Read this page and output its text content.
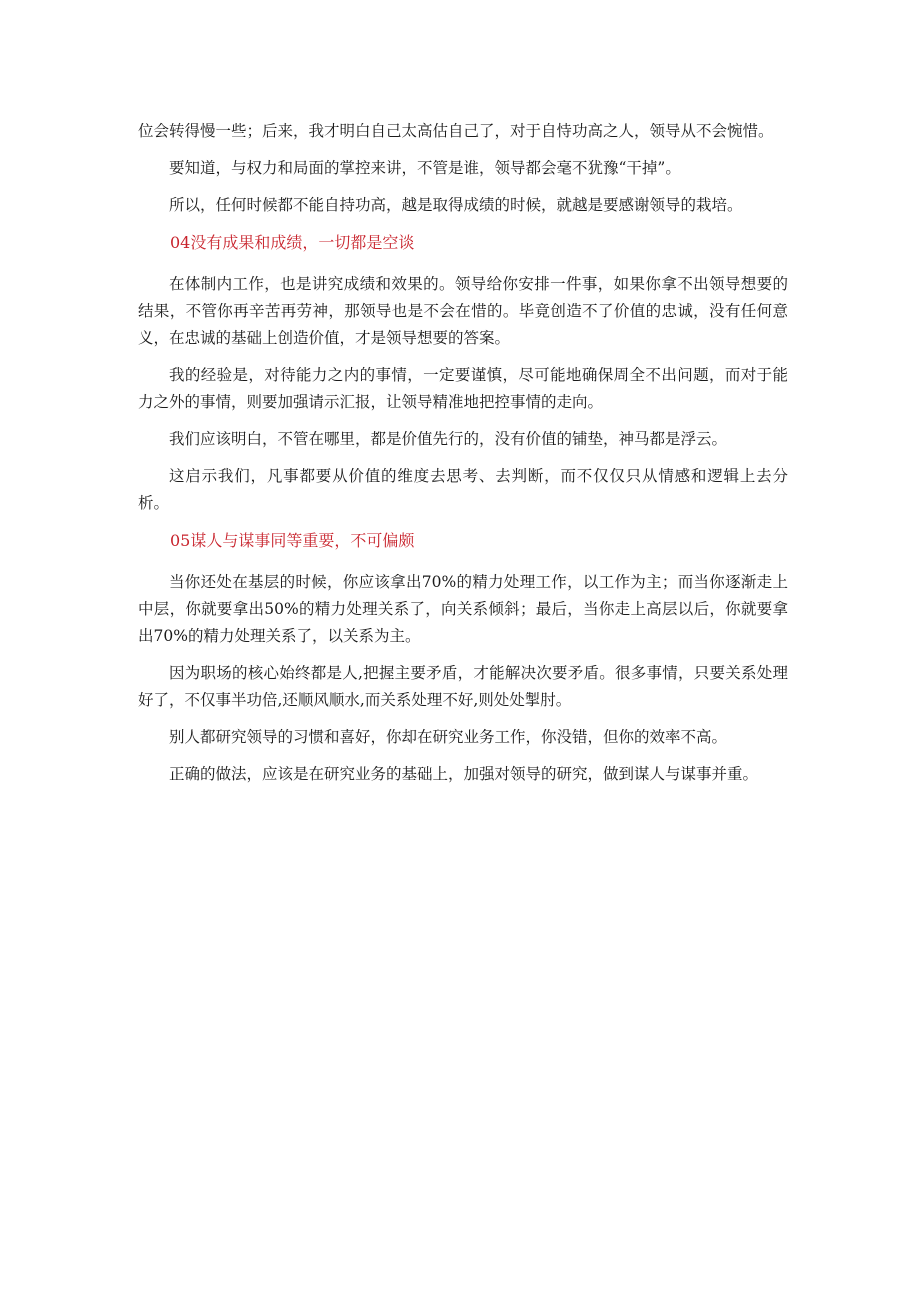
位会转得慢一些；后来，我才明白自己太高估自己了，对于自恃功高之人，领导从不会惋惜。

要知道，与权力和局面的掌控来讲，不管是谁，领导都会毫不犹豫“干掉”。

所以，任何时候都不能自持功高，越是取得成绩的时候，就越是要感谢领导的栽培。

04没有成果和成绩，一切都是空谈

在体制内工作，也是讲究成绩和效果的。领导给你安排一件事，如果你拿不出领导想要的结果，不管你再辛苦再劳神，那领导也是不会在惜的。毕竟创造不了价值的忠诚，没有任何意义，在忠诚的基础上创造价值，才是领导想要的答案。

我的经验是，对待能力之内的事情，一定要谨慎，尽可能地确保周全不出问题，而对于能力之外的事情，则要加强请示汇报，让领导精准地把控事情的走向。

我们应该明白，不管在哪里，都是价值先行的，没有价值的铺垫，神马都是浮云。

这启示我们，凡事都要从价值的维度去思考、去判断，而不仅仅只从情感和逻辑上去分析。

05谋人与谋事同等重要，不可偏颇

当你还处在基层的时候，你应该拿出70%的精力处理工作，以工作为主；而当你逐渐走上中层，你就要拿出50%的精力处理关系了，向关系倾斜；最后，当你走上高层以后，你就要拿出70%的精力处理关系了，以关系为主。

因为职场的核心始终都是人,把握主要矛盾，才能解决次要矛盾。很多事情，只要关系处理好了，不仅事半功倍,还顺风顺水,而关系处理不好,则处处掣肘。

别人都研究领导的习惯和喜好，你却在研究业务工作，你没错，但你的效率不高。

正确的做法，应该是在研究业务的基础上，加强对领导的研究，做到谋人与谋事并重。
